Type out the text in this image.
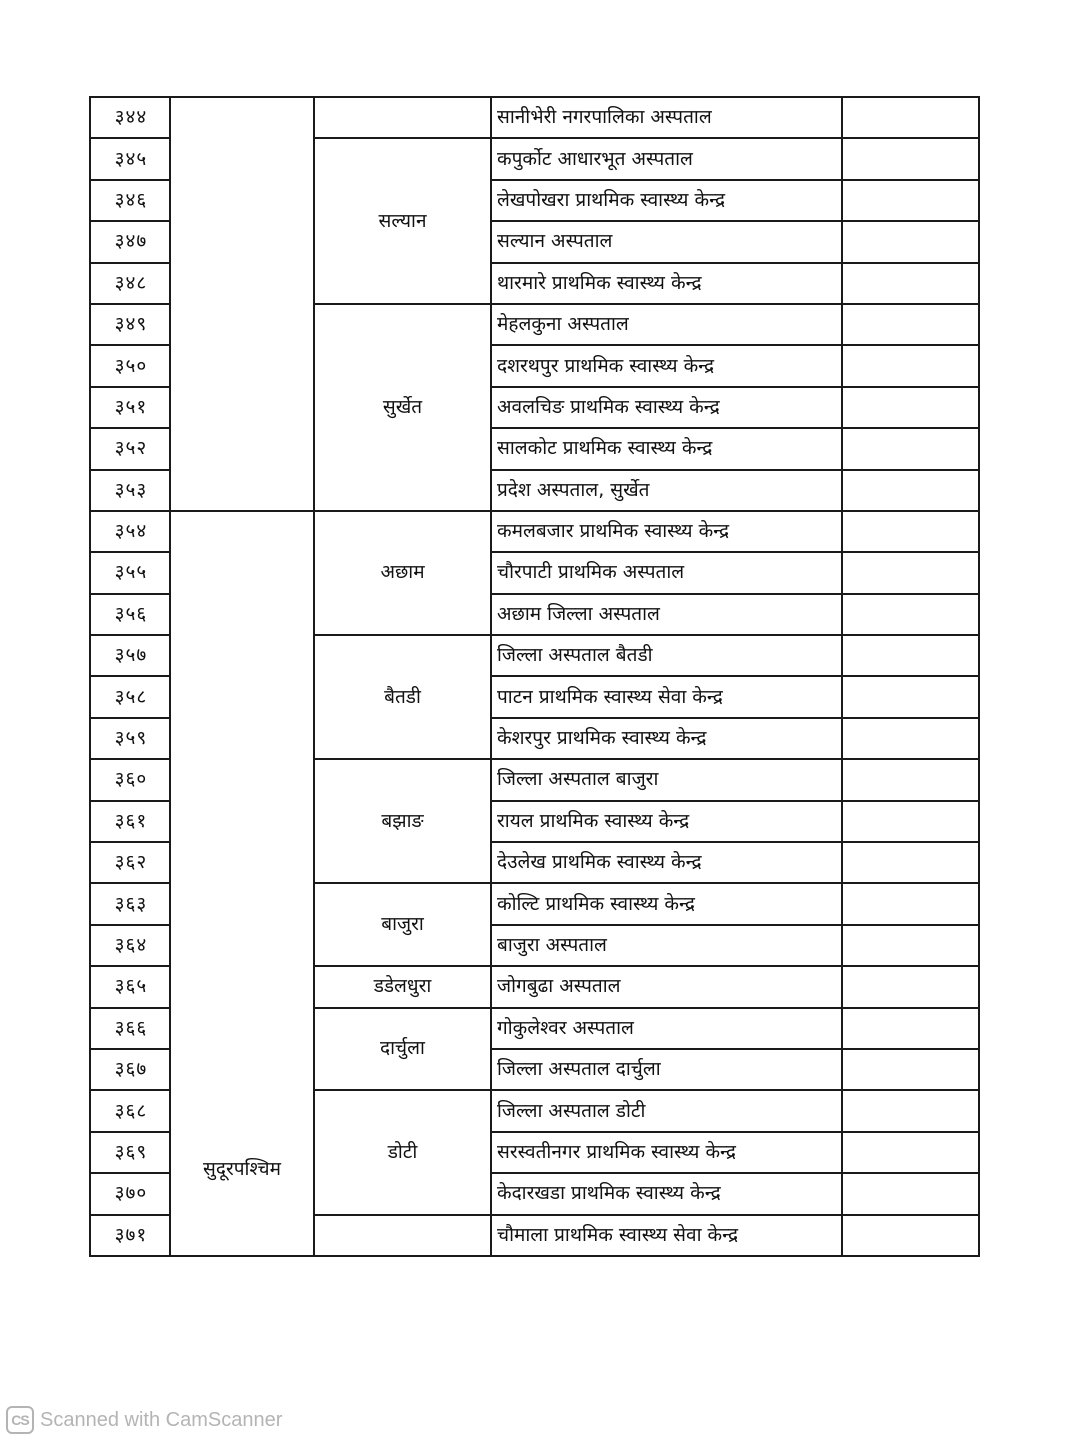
३४४			सानीभेरी नगरपालिका अस्पताल	
३४५		सल्यान	कपुर्कोट आधारभूत अस्पताल	
३४६			लेखपोखरा प्राथमिक स्वास्थ्य केन्द्र	
३४७			सल्यान अस्पताल	
३४८			थारमारे प्राथमिक स्वास्थ्य केन्द्र	
३४९		सुर्खेत	मेहलकुना अस्पताल	
३५०			दशरथपुर प्राथमिक स्वास्थ्य केन्द्र	
३५१			अवलचिङ प्राथमिक स्वास्थ्य केन्द्र	
३५२			सालकोट प्राथमिक स्वास्थ्य केन्द्र	
३५३			प्रदेश अस्पताल, सुर्खेत	
३५४	सुदूरपश्चिम	अछाम	कमलबजार प्राथमिक स्वास्थ्य केन्द्र	
३५५			चौरपाटी प्राथमिक अस्पताल	
३५६			अछाम जिल्ला अस्पताल	
३५७		बैतडी	जिल्ला अस्पताल बैतडी	
३५८			पाटन प्राथमिक स्वास्थ्य सेवा केन्द्र	
३५९			केशरपुर प्राथमिक स्वास्थ्य केन्द्र	
३६०		बझाङ	जिल्ला अस्पताल बाजुरा	
३६१			रायल प्राथमिक स्वास्थ्य केन्द्र	
३६२			देउलेख प्राथमिक स्वास्थ्य केन्द्र	
३६३		बाजुरा	कोल्टि प्राथमिक स्वास्थ्य केन्द्र	
३६४			बाजुरा अस्पताल	
३६५		डडेलधुरा	जोगबुढा अस्पताल	
३६६		दार्चुला	गोकुलेश्वर अस्पताल	
३६७			जिल्ला अस्पताल दार्चुला	
३६८		डोटी	जिल्ला अस्पताल डोटी	
३६९			सरस्वतीनगर प्राथमिक स्वास्थ्य केन्द्र	
३७०			केदारखडा प्राथमिक स्वास्थ्य केन्द्र	
३७१			चौमाला प्राथमिक स्वास्थ्य सेवा केन्द्र	
CS Scanned with CamScanner
